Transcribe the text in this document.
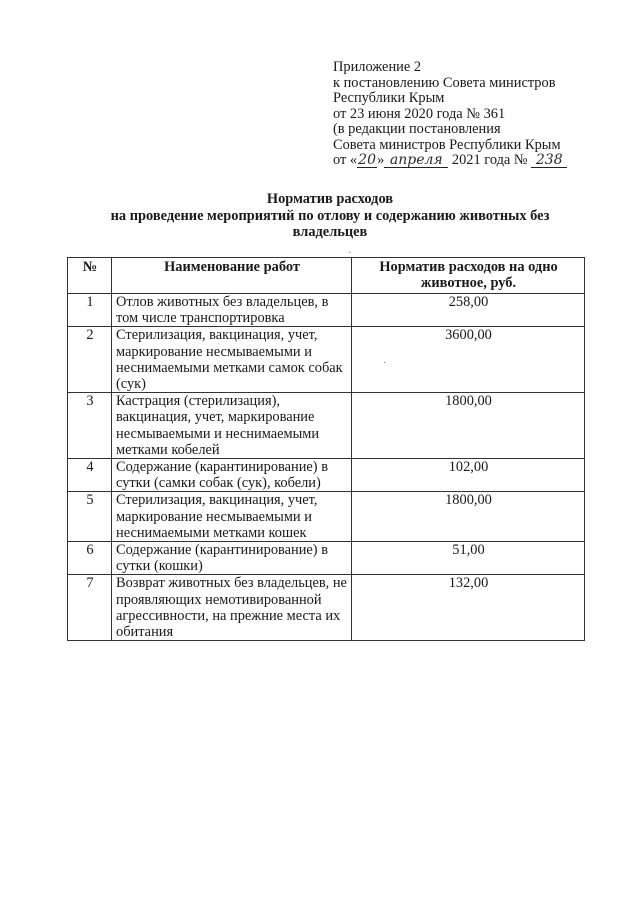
Приложение 2
к постановлению Совета министров
Республики Крым
от 23 июня 2020 года № 361
(в редакции постановления
Совета министров Республики Крым
от «20» апреля 2021 года № 238
Норматив расходов
на проведение мероприятий по отлову и содержанию животных без
владельцев
№	Наименование работ	Норматив расходов на одно животное, руб.
1	Отлов животных без владельцев, в том числе транспортировка	258,00
2	Стерилизация, вакцинация, учет, маркирование несмываемыми и неснимаемыми метками самок собак (сук)	3600,00
3	Кастрация (стерилизация), вакцинация, учет, маркирование несмываемыми и неснимаемыми метками кобелей	1800,00
4	Содержание (карантинирование) в сутки (самки собак (сук), кобели)	102,00
5	Стерилизация, вакцинация, учет, маркирование несмываемыми и неснимаемыми метками кошек	1800,00
6	Содержание (карантинирование) в сутки (кошки)	51,00
7	Возврат животных без владельцев, не проявляющих немотивированной агрессивности, на прежние места их обитания	132,00
·
·
